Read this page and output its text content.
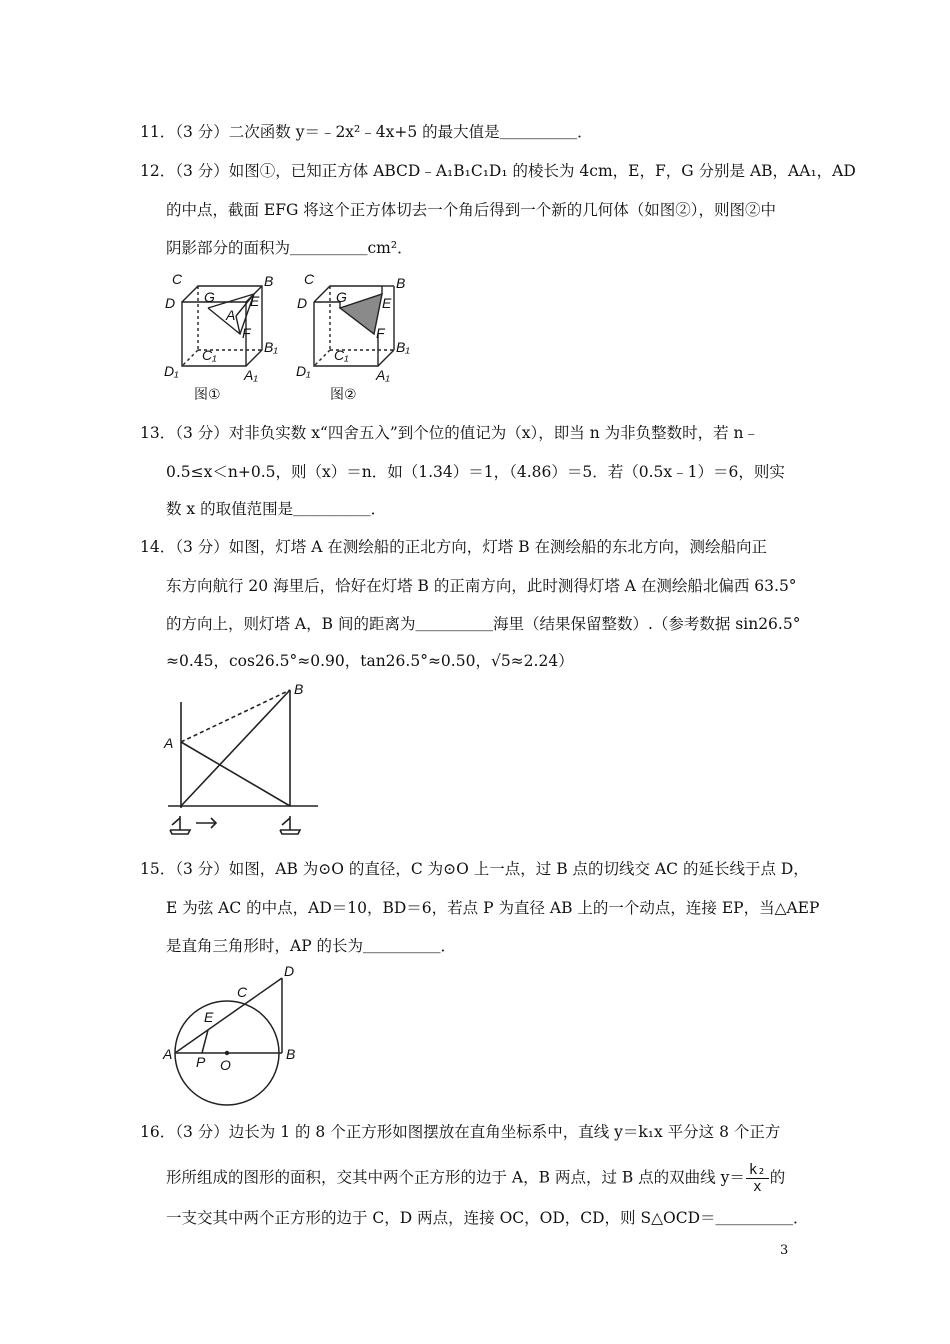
11．（3 分）二次函数 y＝﹣2x²﹣4x+5 的最大值是＿＿＿＿＿．
12．（3 分）如图①，已知正方体 ABCD﹣A₁B₁C₁D₁ 的棱长为 4cm，E，F，G 分别是 AB，AA₁，AD
的中点，截面 EFG 将这个正方体切去一个角后得到一个新的几何体（如图②），则图②中
阴影部分的面积为＿＿＿＿＿cm²．
C	B
D G	E
A
F
C₁	B₁
D₁	A₁
图①
C	B
D G	E
F
C₁	B₁
D₁	A₁
图②
13．（3 分）对非负实数 x“四舍五入”到个位的值记为（x），即当 n 为非负整数时，若 n﹣
0.5≤x＜n+0.5，则（x）＝n．如（1.34）＝1，（4.86）＝5．若（0.5x﹣1）＝6，则实
数 x 的取值范围是＿＿＿＿＿．
14．（3 分）如图，灯塔 A 在测绘船的正北方向，灯塔 B 在测绘船的东北方向，测绘船向正
东方向航行 20 海里后，恰好在灯塔 B 的正南方向，此时测得灯塔 A 在测绘船北偏西 63.5°
的方向上，则灯塔 A，B 间的距离为＿＿＿＿＿海里（结果保留整数）.（参考数据 sin26.5°
≈0.45，cos26.5°≈0.90，tan26.5°≈0.50，√5≈2.24）
A
B
15．（3 分）如图，AB 为⊙O 的直径，C 为⊙O 上一点，过 B 点的切线交 AC 的延长线于点 D，
E 为弦 AC 的中点，AD＝10，BD＝6，若点 P 为直径 AB 上的一个动点，连接 EP，当△AEP
是直角三角形时，AP 的长为＿＿＿＿＿．
D
C
E
A P O
B
16．（3 分）边长为 1 的 8 个正方形如图摆放在直角坐标系中，直线 y＝k₁x 平分这 8 个正方
形所组成的图形的面积，交其中两个正方形的边于 A，B 两点，过 B 点的双曲线 $y= \frac{\text{k₂}}{x}$ 的
一支交其中两个正方形的边于 C，D 两点，连接 OC，OD，CD，则 S△OCD＝＿＿＿＿＿．
3
